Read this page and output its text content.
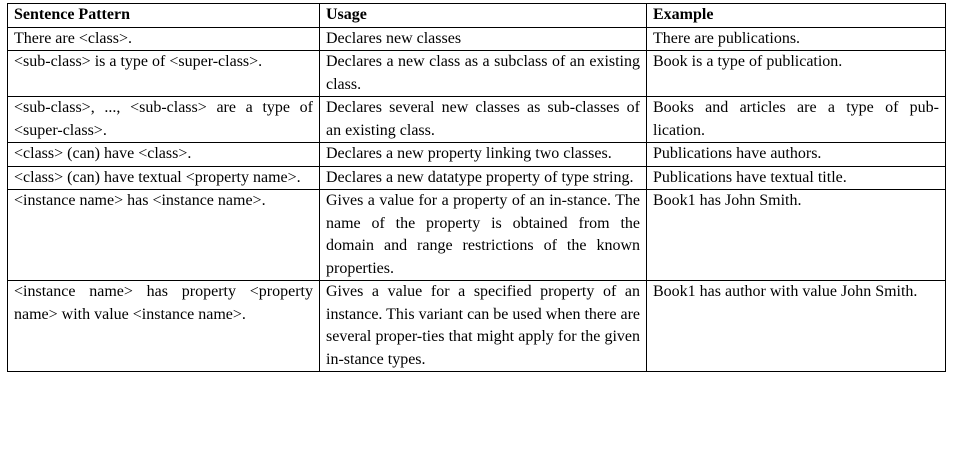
Sentence Pattern	Usage	Example
There are <class>.	Declares new classes	There are publications.
<sub-class> is a type of <super-class>.	Declares a new class as a subclass of an existing class.	Book is a type of publication.
<sub-class>, ..., <sub-class> are a type of <super-class>.	Declares several new classes as sub-classes of an existing class.	Books and articles are a type of pub-lication.
<class> (can) have <class>.	Declares a new property linking two classes.	Publications have authors.
<class> (can) have textual <property name>.	Declares a new datatype property of type string.	Publications have textual title.
<instance name> has <instance name>.	Gives a value for a property of an in-stance. The name of the property is obtained from the domain and range restrictions of the known properties.	Book1 has John Smith.
<instance name> has property <property name> with value <instance name>.	Gives a value for a specified property of an instance. This variant can be used when there are several proper-ties that might apply for the given in-stance types.	Book1 has author with value John Smith.
